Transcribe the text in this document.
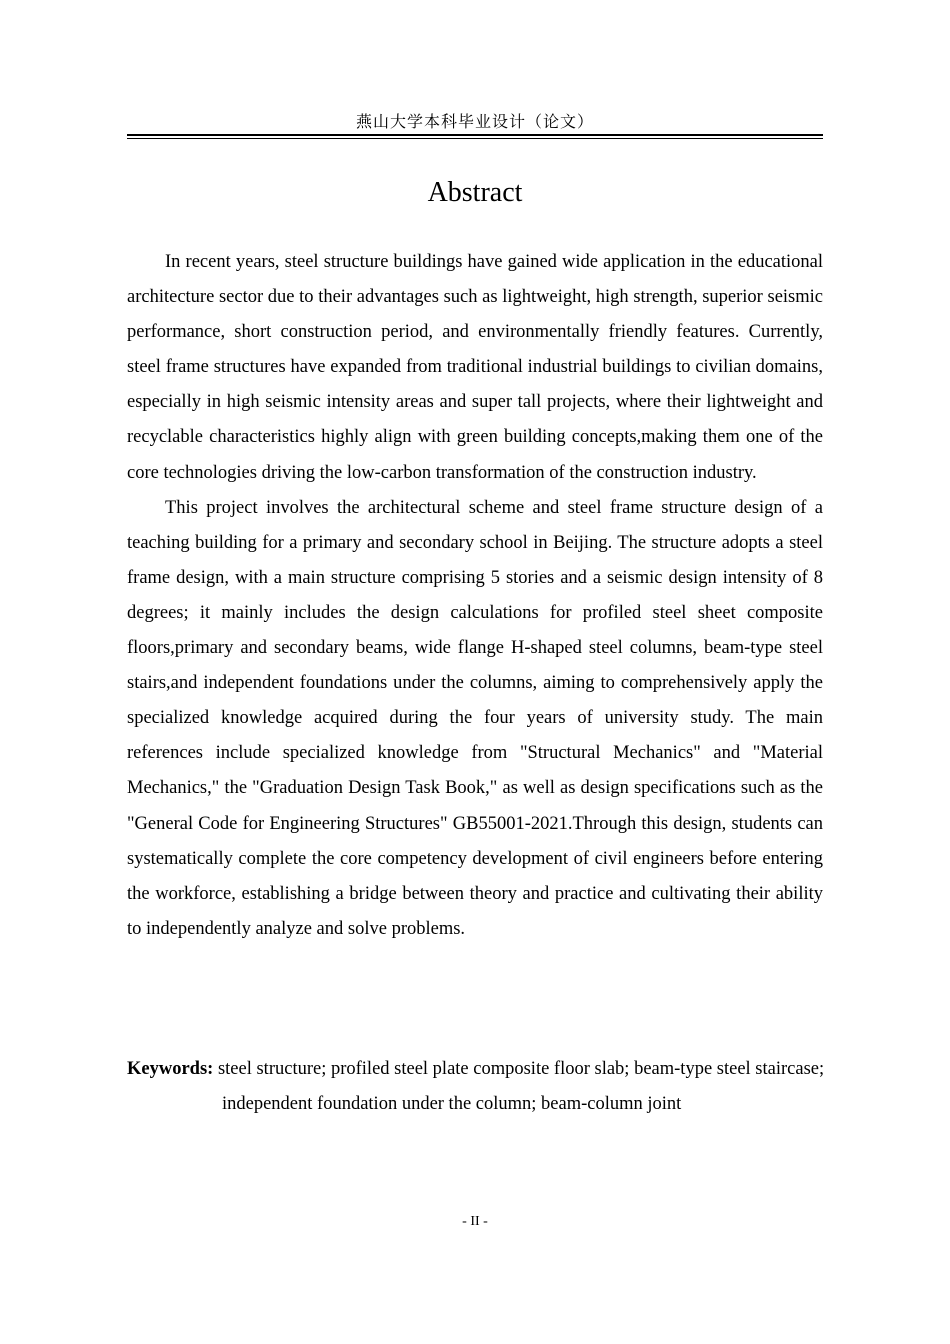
燕山大学本科毕业设计（论文）
Abstract

In recent years, steel structure buildings have gained wide application in the educational architecture sector due to their advantages such as lightweight, high strength, superior seismic performance, short construction period, and environmentally friendly features. Currently, steel frame structures have expanded from traditional industrial buildings to civilian domains, especially in high seismic intensity areas and super tall projects, where their lightweight and recyclable characteristics highly align with green building concepts,making them one of the core technologies driving the low-carbon transformation of the construction industry.

This project involves the architectural scheme and steel frame structure design of a teaching building for a primary and secondary school in Beijing. The structure adopts a steel frame design, with a main structure comprising 5 stories and a seismic design intensity of 8 degrees; it mainly includes the design calculations for profiled steel sheet composite floors,primary and secondary beams, wide flange H-shaped steel columns, beam-type steel stairs,and independent foundations under the columns, aiming to comprehensively apply the specialized knowledge acquired during the four years of university study. The main references include specialized knowledge from "Structural Mechanics" and "Material Mechanics," the "Graduation Design Task Book," as well as design specifications such as the "General Code for Engineering Structures" GB55001-2021.Through this design, students can systematically complete the core competency development of civil engineers before entering the workforce, establishing a bridge between theory and practice and cultivating their ability to independently analyze and solve problems.

Keywords: steel structure; profiled steel plate composite floor slab; beam-type steel staircase; independent foundation under the column; beam-column joint
- II -
